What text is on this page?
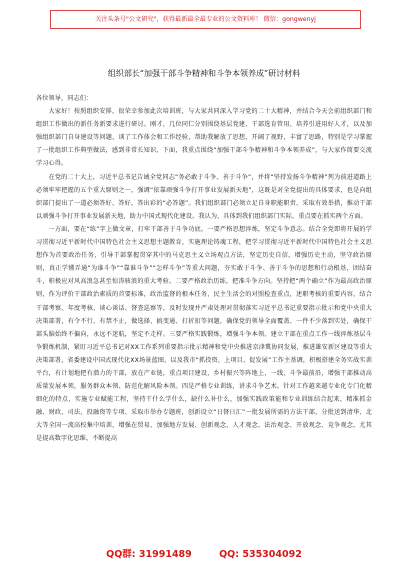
关注头条号"公文研究"，获得最新最全最专业的公文资料库！ 微信：gongwenyj
组织部长“加强干部斗争精神和斗争本领养成”研讨材料

各位领导，同志们：

大家好！按照组织安排，很荣幸参加此次培训班，与大家共同深入学习党的二十大精神，并结合今天会前组织部门和组织工作做出的新任务新要求进行研讨。刚才，几位同仁分别围绕基层党建、干部选育管用、培养引进用好人才，以及加强组织部门自身建设等问题，谈了工作体会和工作经验，帮助我解放了思想，开阔了视野，丰富了思路，特别是学习掌握了一批组织工作典型做法，感到非常长知识、下面，我重点围绕“加强干部斗争精神和斗争本领养成”，与大家作简要交流学习心得。

在党的二十大上，习近平总书记告诫全党同志“务必敢于斗争、善于斗争”，并将“坚持发扬斗争精神”列为前进道路上必须牢牢把握的五个重大原则之一，强调“依靠顽强斗争打开事业发展新天地”，这既是对全党提出的具体要求，也是向组织部门提出了一道必须答好、答好，答出彩的“必答题”。我们组织部门必须立足自身职能职责，采取有效举措，推动干部以顽强斗争打开事业发展新天地，助力中国式现代化建设。我认为，具体到我们组织部门实际，重点要在抓实两个方面。

一方面，要在“练”字上做文章，打牢干部善于斗争功底。一要严格思想淬炼，坚定斗争意志。结合全党即将开展的学习贯彻习近平新时代中国特色社会主义思想主题教育，实施理论铸魂工程，把学习贯彻习近平新时代中国特色社会主义思想作为首要政治任务，引导干部掌握贯穿其中的马克思主义立场观点方法，坚定历史自信，增强历史主动，坚守政治原则，真正学懂弄通“为谁斗争”“靠谁斗争”“怎样斗争”等重大问题，夯实敢于斗争、善于斗争的思想和行动根基，团结奋斗，积极应对风高浪急甚至惊涛骇浪的重大考验。二要严格政治历练，把准斗争方向。坚持把“两个确立”作为最高政治原则，作为评价干部政治素质的首要标准，政治监督的根本任务，民主生活会的对照检查重点，述职考核的重要内容，结合干部考察、年度考核、谈心谈话、督查巡察等，及时发现并严肃处理对贯彻落实习近平总书记重要指示批示和党中央重大决策部署，有令不行，有禁不止，做选择、搞变通、打折扣等问题，确保党的领导全面覆盖、一件不少落到实处，确保干部头脑始终不偏向，永远不迷航，坚定不走样。三要严格实践锻炼，增强斗争本领。建立干部在重点工作一线淬炼基层斗争锻炼机制，紧盯习近平总书记对XX工作系列重要指示批示精神和党中央推进京津冀协同发展，推进雄安新区建设等重大决策部署，省委建设中国式现代化XX场景蓝图，以及我市“抓投资、上项目、促发展”工作主基调，积极搭建全务实战实训平台，有计划地把有潜力的干部，放在产业链，重点项目建设、乡村振兴等阵地上，一线、斗争最前沿，增强干部推动高质量发展本领，服务群众本领、防范化解风险本领。四是严格专业训练，讲求斗争艺术。针对工作越来越专业化专门化精细化的特点，实施专业赋能工程，坚持干什么学什么，缺什么补什么，加强实践政策能和专业训练结合起来，精准抓金融、财政、司法、投融资等专项、采取市举办专题班，创新设立“日督日汇”一批发展所需的方法干部，分批送到清华、北大等全国一流高校集中培训，增强在贸易、加强地方发展、创新观念、人才观念、法治观念、开放观念、竞争观念，尤其是提高数字化思维，不断提高

QQ群: 31991489	QQ: 535304092
